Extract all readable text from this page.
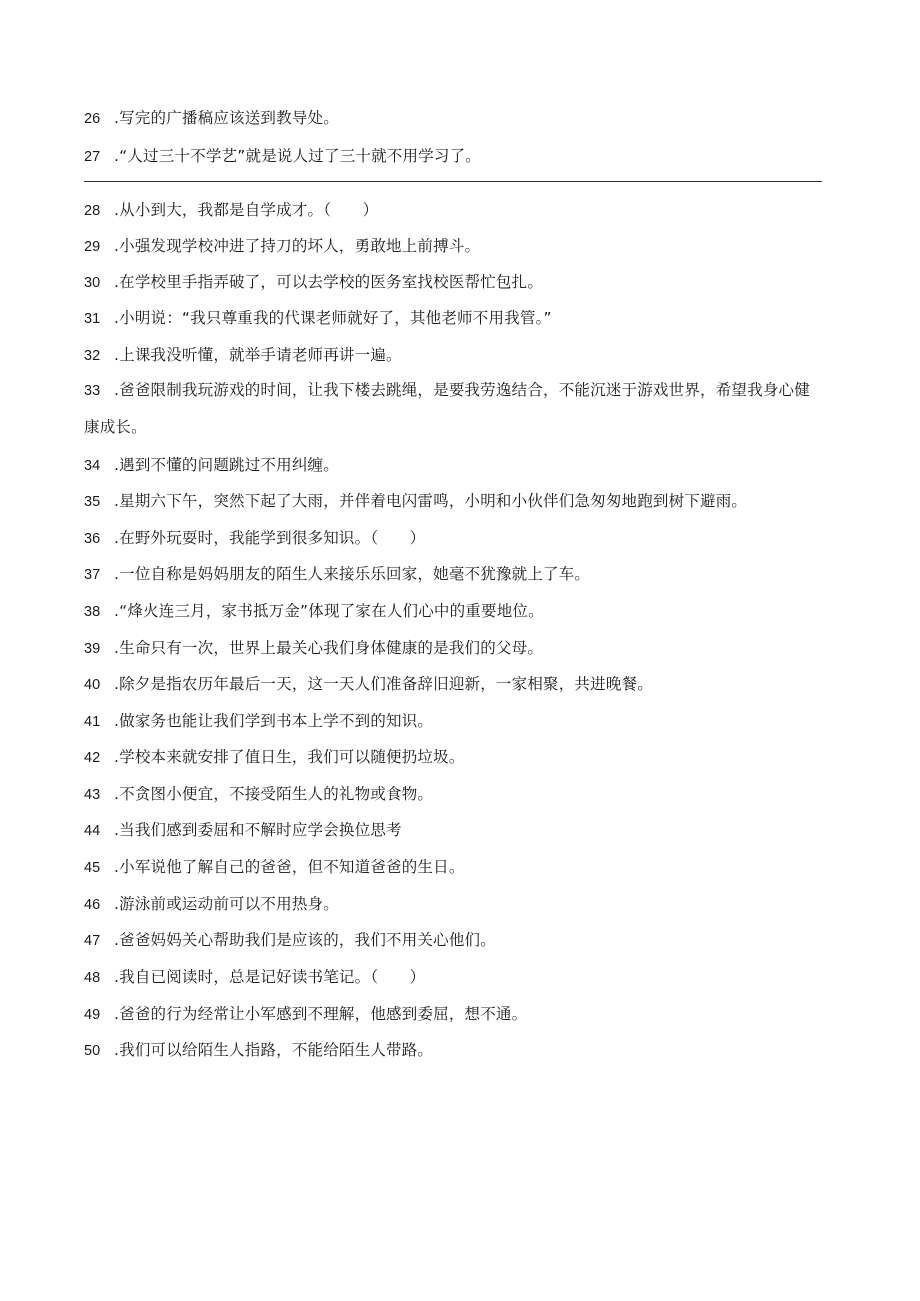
26 .写完的广播稿应该送到教导处。
27 .“人过三十不学艺”就是说人过了三十就不用学习了。
28 .从小到大，我都是自学成才。（　　）
29 .小强发现学校冲进了持刀的坏人，勇敢地上前搏斗。
30 .在学校里手指弄破了，可以去学校的医务室找校医帮忙包扎。
31 .小明说：“我只尊重我的代课老师就好了，其他老师不用我管。”
32 .上课我没听懂，就举手请老师再讲一遍。
33 .爸爸限制我玩游戏的时间，让我下楼去跳绳，是要我劳逸结合，不能沉迷于游戏世界，希望我身心健康成长。
34 .遇到不懂的问题跳过不用纠缠。
35 .星期六下午，突然下起了大雨，并伴着电闪雷鸣，小明和小伙伴们急匆匆地跑到树下避雨。
36 .在野外玩耍时，我能学到很多知识。（　　）
37 .一位自称是妈妈朋友的陌生人来接乐乐回家，她毫不犹豫就上了车。
38 .“烽火连三月，家书抵万金”体现了家在人们心中的重要地位。
39 .生命只有一次，世界上最关心我们身体健康的是我们的父母。
40 .除夕是指农历年最后一天，这一天人们准备辞旧迎新，一家相聚，共进晚餐。
41 .做家务也能让我们学到书本上学不到的知识。
42 .学校本来就安排了值日生，我们可以随便扔垃圾。
43 .不贪图小便宜，不接受陌生人的礼物或食物。
44 .当我们感到委屈和不解时应学会换位思考
45 .小军说他了解自己的爸爸，但不知道爸爸的生日。
46 .游泳前或运动前可以不用热身。
47 .爸爸妈妈关心帮助我们是应该的，我们不用关心他们。
48 .我自已阅读时，总是记好读书笔记。（　　）
49 .爸爸的行为经常让小军感到不理解，他感到委屈，想不通。
50 .我们可以给陌生人指路，不能给陌生人带路。
